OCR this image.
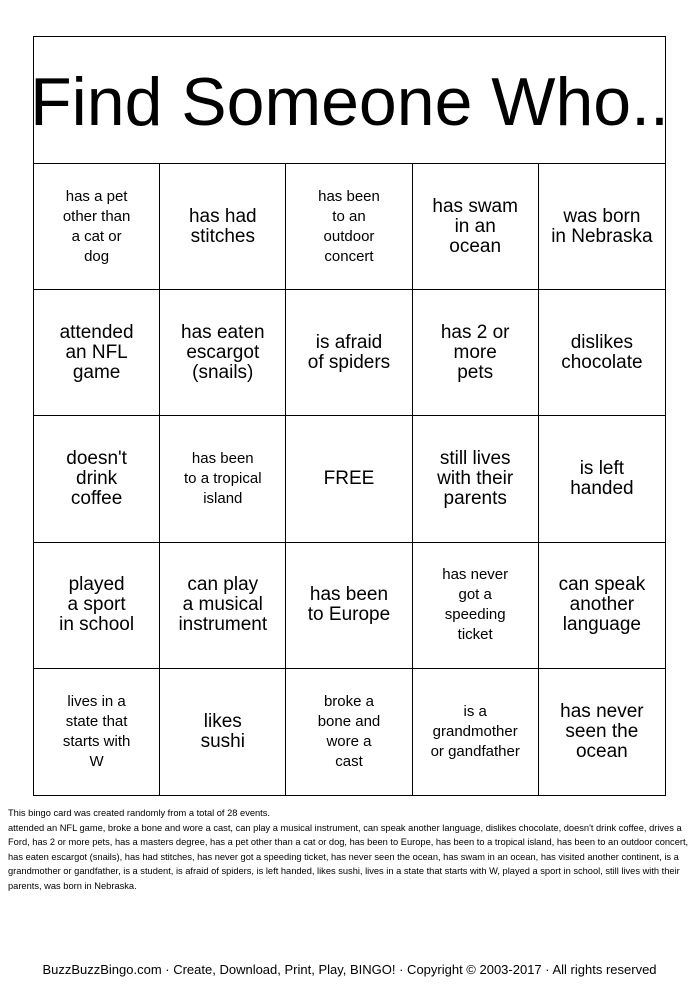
Find Someone Who..
has a pet
other than
a cat or
dog
has had
stitches
has been
to an
outdoor
concert
has swam
in an
ocean
was born
in Nebraska
attended
an NFL
game
has eaten
escargot
(snails)
is afraid
of spiders
has 2 or
more
pets
dislikes
chocolate
doesn't
drink
coffee
has been
to a tropical
island
FREE
still lives
with their
parents
is left
handed
played
a sport
in school
can play
a musical
instrument
has been
to Europe
has never
got a
speeding
ticket
can speak
another
language
lives in a
state that
starts with
W
likes
sushi
broke a
bone and
wore a
cast
is a
grandmother
or gandfather
has never
seen the
ocean

This bingo card was created randomly from a total of 28 events.

attended an NFL game, broke a bone and wore a cast, can play a musical instrument, can speak another language, dislikes chocolate, doesn't drink coffee, drives a Ford, has 2 or more pets, has a masters degree, has a pet other than a cat or dog, has been to Europe, has been to a tropical island, has been to an outdoor concert, has eaten escargot (snails), has had stitches, has never got a speeding ticket, has never seen the ocean, has swam in an ocean, has visited another continent, is a grandmother or gandfather, is a student, is afraid of spiders, is left handed, likes sushi, lives in a state that starts with W, played a sport in school, still lives with their parents, was born in Nebraska.

BuzzBuzzBingo.com · Create, Download, Print, Play, BINGO! · Copyright © 2003-2017 · All rights reserved
